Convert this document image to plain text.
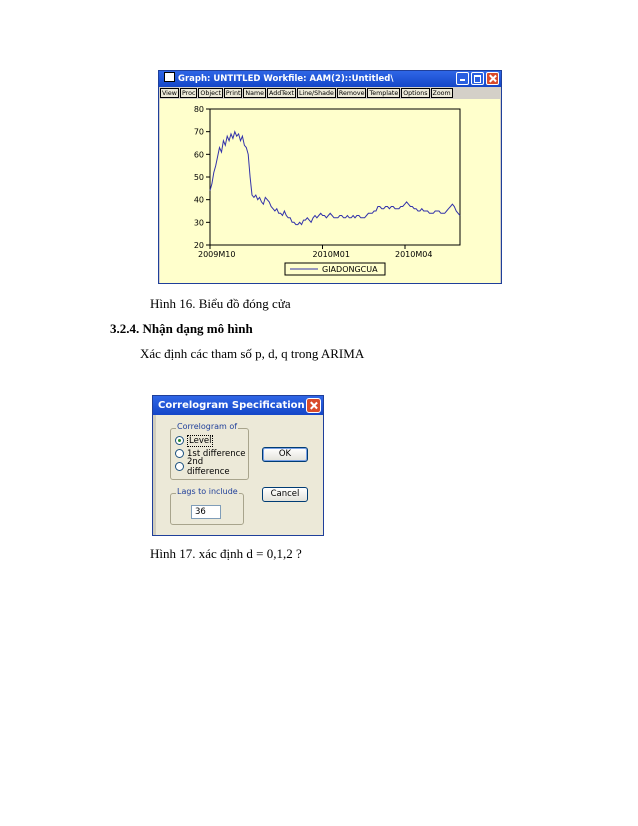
Graph: UNTITLED Workfile: AAM(2)::Untitled\
View Proc Object Print Name AddText Line/Shade Remove Template Options Zoom
80
70
60
50
40
30
20
2009M10	2010M01	2010M04
GIADONGCUA
Hình 16. Biểu đồ đóng cửa
3.2.4. Nhận dạng mô hình
Xác định các tham số p, d, q trong ARIMA
Correlogram Specification
Correlogram of
Level
1st difference
2nd difference
Lags to include
36
OK
Cancel
Hình 17. xác định d = 0,1,2 ?
